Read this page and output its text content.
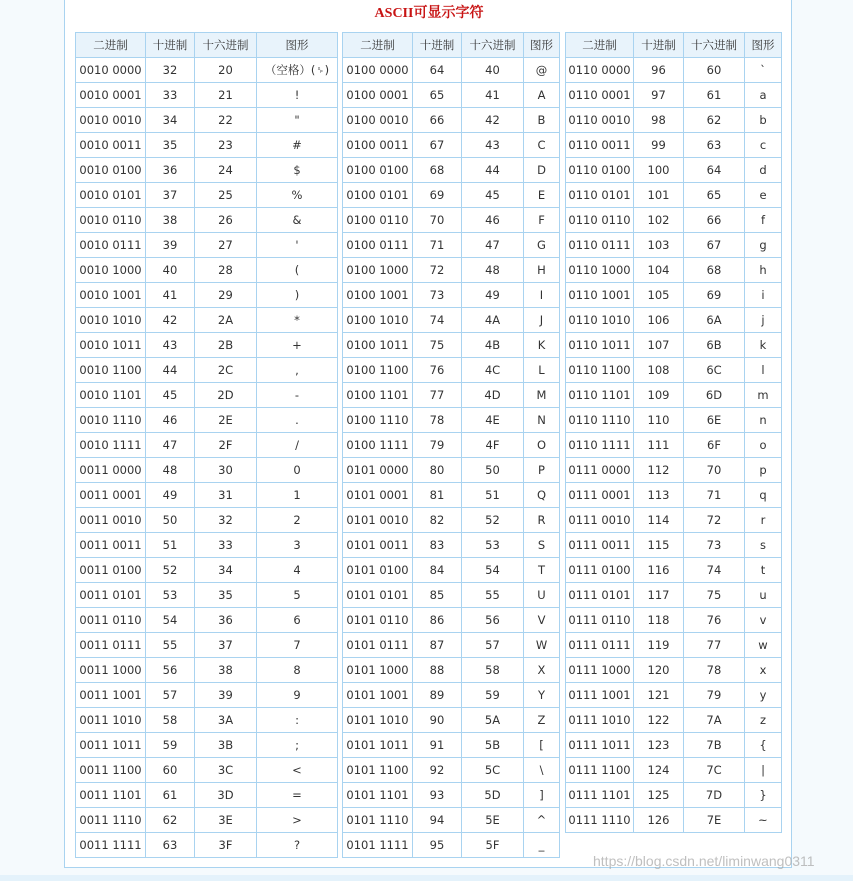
ASCII可显示字符
二进制	十进制	十六进制	图形
0010 0000	32	20	（空格）(␠)
0010 0001	33	21	!
0010 0010	34	22	"
0010 0011	35	23	#
0010 0100	36	24	$
0010 0101	37	25	%
0010 0110	38	26	&
0010 0111	39	27	'
0010 1000	40	28	(
0010 1001	41	29	)
0010 1010	42	2A	*
0010 1011	43	2B	+
0010 1100	44	2C	,
0010 1101	45	2D	-
0010 1110	46	2E	.
0010 1111	47	2F	/
0011 0000	48	30	0
0011 0001	49	31	1
0011 0010	50	32	2
0011 0011	51	33	3
0011 0100	52	34	4
0011 0101	53	35	5
0011 0110	54	36	6
0011 0111	55	37	7
0011 1000	56	38	8
0011 1001	57	39	9
0011 1010	58	3A	:
0011 1011	59	3B	;
0011 1100	60	3C	<
0011 1101	61	3D	=
0011 1110	62	3E	>
0011 1111	63	3F	?
二进制	十进制	十六进制	图形
0100 0000	64	40	@
0100 0001	65	41	A
0100 0010	66	42	B
0100 0011	67	43	C
0100 0100	68	44	D
0100 0101	69	45	E
0100 0110	70	46	F
0100 0111	71	47	G
0100 1000	72	48	H
0100 1001	73	49	I
0100 1010	74	4A	J
0100 1011	75	4B	K
0100 1100	76	4C	L
0100 1101	77	4D	M
0100 1110	78	4E	N
0100 1111	79	4F	O
0101 0000	80	50	P
0101 0001	81	51	Q
0101 0010	82	52	R
0101 0011	83	53	S
0101 0100	84	54	T
0101 0101	85	55	U
0101 0110	86	56	V
0101 0111	87	57	W
0101 1000	88	58	X
0101 1001	89	59	Y
0101 1010	90	5A	Z
0101 1011	91	5B	[
0101 1100	92	5C	\
0101 1101	93	5D	]
0101 1110	94	5E	^
0101 1111	95	5F	_
二进制	十进制	十六进制	图形
0110 0000	96	60	`
0110 0001	97	61	a
0110 0010	98	62	b
0110 0011	99	63	c
0110 0100	100	64	d
0110 0101	101	65	e
0110 0110	102	66	f
0110 0111	103	67	g
0110 1000	104	68	h
0110 1001	105	69	i
0110 1010	106	6A	j
0110 1011	107	6B	k
0110 1100	108	6C	l
0110 1101	109	6D	m
0110 1110	110	6E	n
0110 1111	111	6F	o
0111 0000	112	70	p
0111 0001	113	71	q
0111 0010	114	72	r
0111 0011	115	73	s
0111 0100	116	74	t
0111 0101	117	75	u
0111 0110	118	76	v
0111 0111	119	77	w
0111 1000	120	78	x
0111 1001	121	79	y
0111 1010	122	7A	z
0111 1011	123	7B	{
0111 1100	124	7C	|
0111 1101	125	7D	}
0111 1110	126	7E	~
https://blog.csdn.net/liminwang0311
